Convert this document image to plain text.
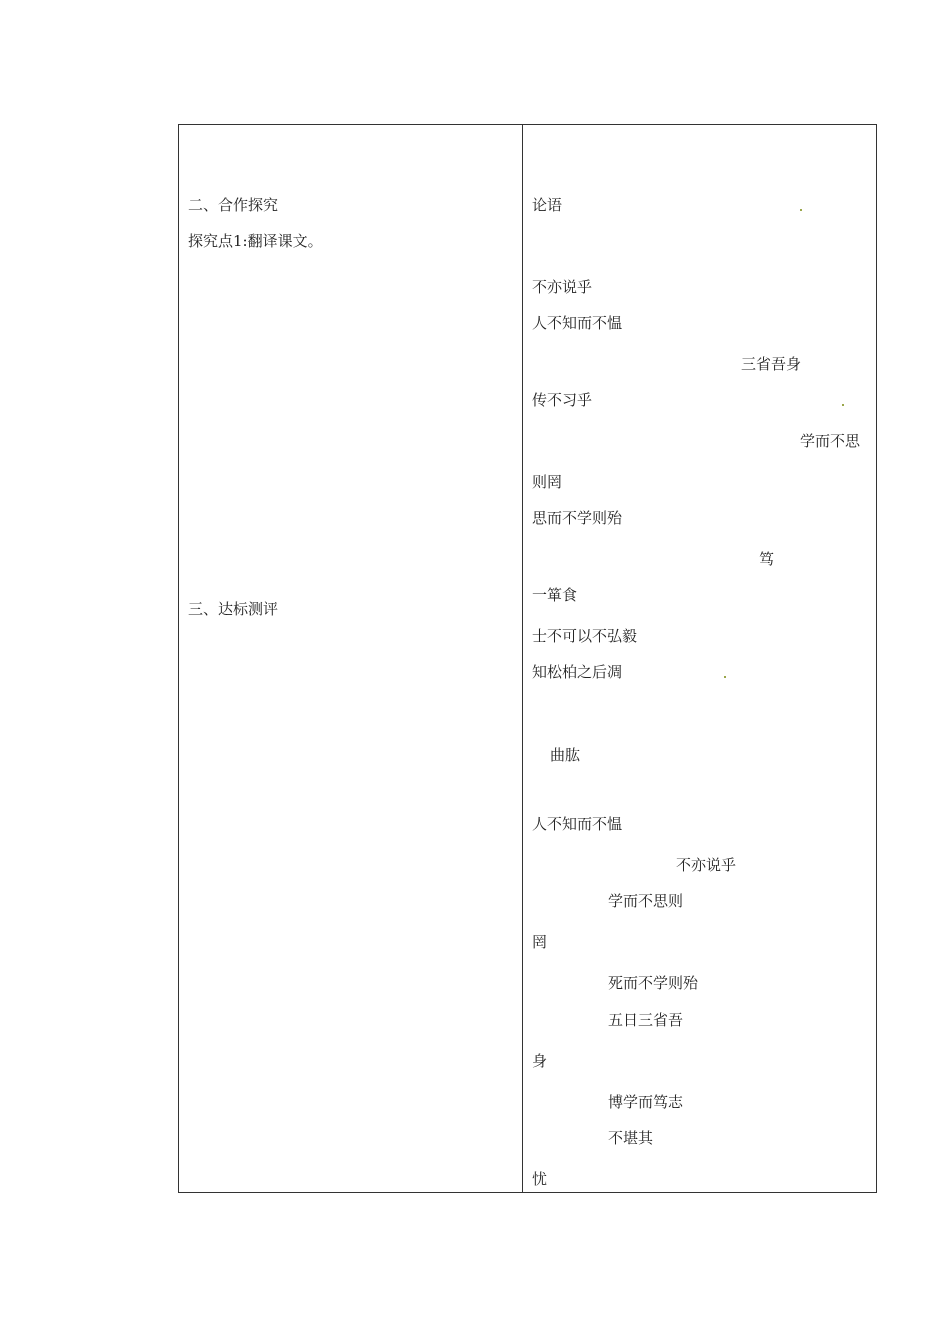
二、合作探究
探究点1:翻译课文。
三、达标测评
论语
不亦说乎
人不知而不愠
三省吾身
传不习乎
学而不思
则罔
思而不学则殆
笃
一箪食
士不可以不弘毅
知松柏之后凋
曲肱
人不知而不愠
不亦说乎
学而不思则
罔
死而不学则殆
五日三省吾
身
博学而笃志
不堪其
忧
